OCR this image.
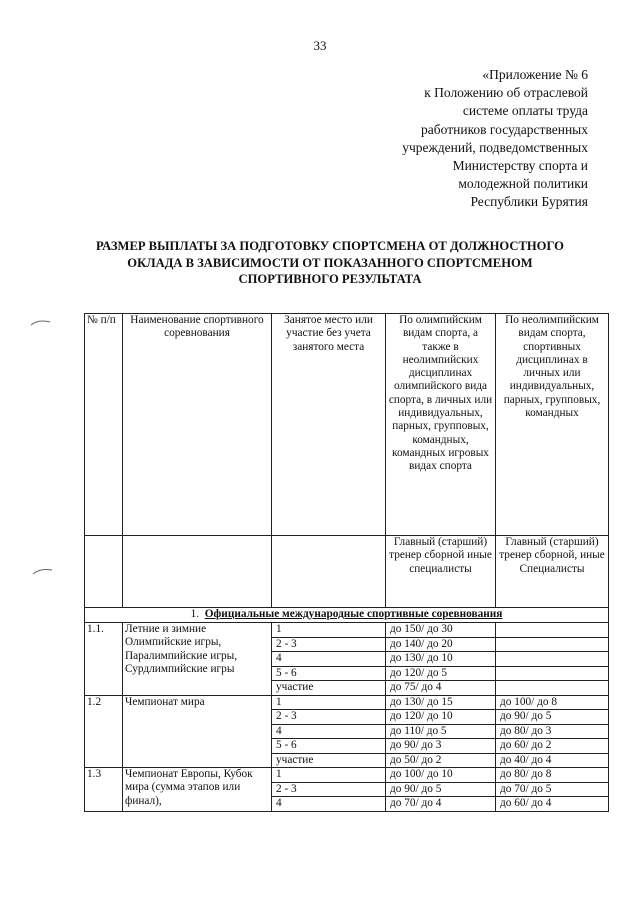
33
«Приложение № 6
к Положению об отраслевой
системе оплаты труда
работников государственных
учреждений, подведомственных
Министерству спорта и
молодежной политики
Республики Бурятия
РАЗМЕР ВЫПЛАТЫ ЗА ПОДГОТОВКУ СПОРТСМЕНА ОТ ДОЛЖНОСТНОГО
ОКЛАДА В ЗАВИСИМОСТИ ОТ ПОКАЗАННОГО СПОРТСМЕНОМ
СПОРТИВНОГО РЕЗУЛЬТАТА
№ п/п	Наименование спортивного соревнования	Занятое место или участие без учета занятого места	По олимпийским видам спорта, а также в неолимпийских дисциплинах олимпийского вида спорта, в личных или индивидуальных, парных, групповых, командных, командных игровых видах спорта	По неолимпийским видам спорта, спортивных дисциплинах в личных или индивидуальных, парных, групповых, командных
			Главный (старший) тренер сборной иные специалисты	Главный (старший) тренер сборной, иные Специалисты
1. Официальные международные спортивные соревнования				
1.1.	Летние и зимние Олимпийские игры, Паралимпийские игры, Сурдлимпийские игры	1	до 150/ до 30	
		2 - 3	до 140/ до 20	
		4	до 130/ до 10	
		5 - 6	до 120/ до 5	
		участие	до 75/ до 4	
1.2	Чемпионат мира	1	до 130/ до 15	до 100/ до 8
		2 - 3	до 120/ до 10	до 90/ до 5
		4	до 110/ до 5	до 80/ до 3
		5 - 6	до 90/ до 3	до 60/ до 2
		участие	до 50/ до 2	до 40/ до 4
1.3	Чемпионат Европы, Кубок мира (сумма этапов или финал),	1	до 100/ до 10	до 80/ до 8
		2 - 3	до 90/ до 5	до 70/ до 5
		4	до 70/ до 4	до 60/ до 4
